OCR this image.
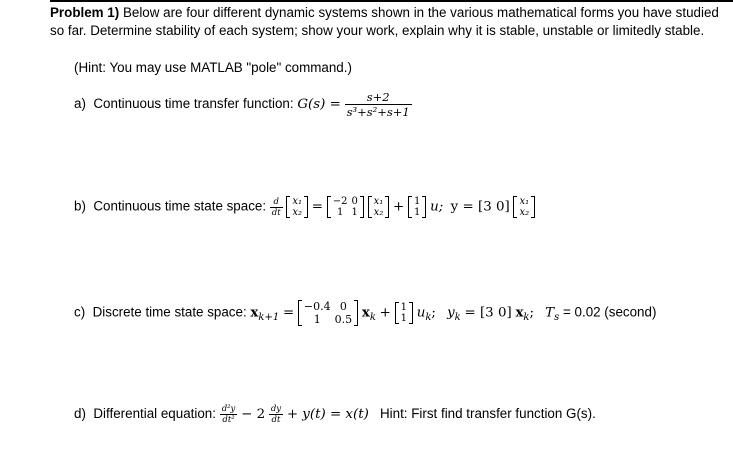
Problem 1) Below are four different dynamic systems shown in the various mathematical forms you have studied so far. Determine stability of each system; show your work, explain why it is stable, unstable or limitedly stable.
(Hint: You may use MATLAB "pole" command.)
a) Continuous time transfer function: $G(s) = \frac{s+2}{\text{s³+s²+s+1}}$
b) Continuous time state space: $\frac{d}{dt}$
x₁
x₂ = −2	0
1	1

x₁
x₂ + 1
1 u; y = [3 0] x₁
x₂
c) Discrete time state space: $x_{k+1} = -0.4$	0
1	0.5 $x_k + 1$
1 $u_k$; $y_k = [3$ 0] $x_k$; $T_s = 0.02$ (second)
d) Differential equation: $\frac{\text{d²y}}{\text{dt²}} - 2 \frac{dy}{dt} + y(t) = x(t)$ Hint: First find transfer function G(s).
